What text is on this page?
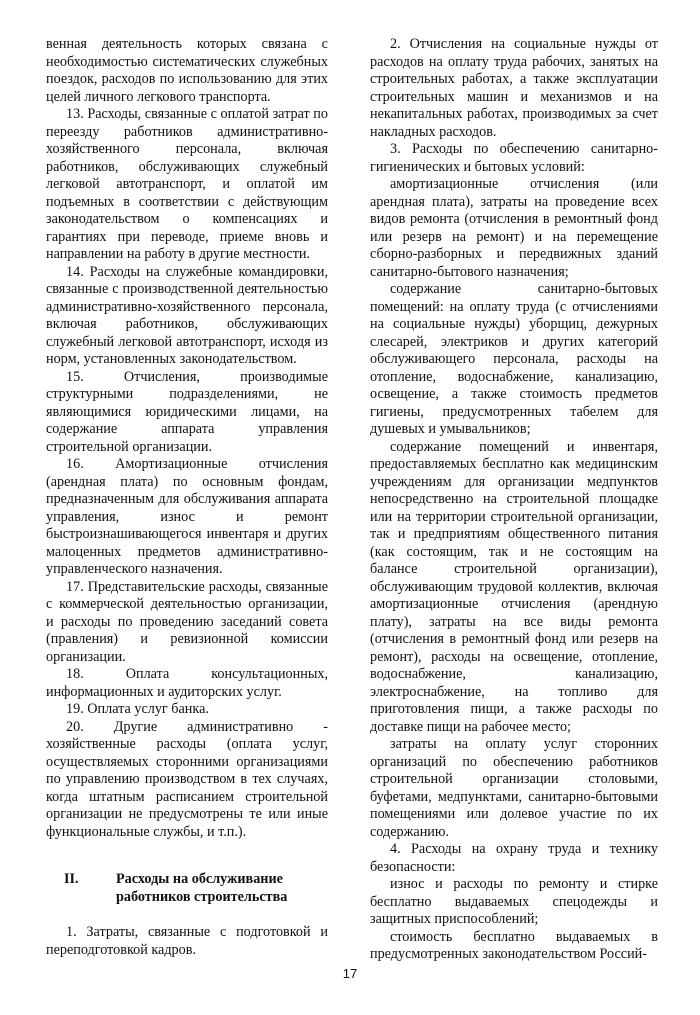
венная деятельность которых связана с необходимостью систематических служебных поездок, расходов по использованию для этих целей личного легкового транспорта.

13. Расходы, связанные с оплатой затрат по переезду работников административно-хозяйственного персонала, включая работников, обслуживающих служебный легковой автотранспорт, и оплатой им подъемных в соответствии с действующим законодательством о компенсациях и гарантиях при переводе, приеме вновь и направлении на работу в другие местности.

14. Расходы на служебные командировки, связанные с производственной деятельностью административно-хозяйственного персонала, включая работников, обслуживающих служебный легковой автотранспорт, исходя из норм, установленных законодательством.

15. Отчисления, производимые структурными подразделениями, не являющимися юридическими лицами, на содержание аппарата управления строительной организации.

16. Амортизационные отчисления (арендная плата) по основным фондам, предназначенным для обслуживания аппарата управления, износ и ремонт быстроизнашивающегося инвентаря и других малоценных предметов административно-управленческого назначения.

17. Представительские расходы, связанные с коммерческой деятельностью организации, и расходы по проведению заседаний совета (правления) и ревизионной комиссии организации.

18. Оплата консультационных, информационных и аудиторских услуг.

19. Оплата услуг банка.

20. Другие административно - хозяйственные расходы (оплата услуг, осуществляемых сторонними организациями по управлению производством в тех случаях, когда штатным расписанием строительной организации не предусмотрены те или иные функциональные службы, и т.п.).

II.	Расходы на обслуживание работников строительства

1. Затраты, связанные с подготовкой и переподготовкой кадров.

2. Отчисления на социальные нужды от расходов на оплату труда рабочих, занятых на строительных работах, а также эксплуатации строительных машин и механизмов и на некапитальных работах, производимых за счет накладных расходов.

3. Расходы по обеспечению санитарно-гигиенических и бытовых условий:

амортизационные отчисления (или арендная плата), затраты на проведение всех видов ремонта (отчисления в ремонтный фонд или резерв на ремонт) и на перемещение сборно-разборных и передвижных зданий санитарно-бытового назначения;

содержание санитарно-бытовых помещений: на оплату труда (с отчислениями на социальные нужды) уборщиц, дежурных слесарей, электриков и других категорий обслуживающего персонала, расходы на отопление, водоснабжение, канализацию, освещение, а также стоимость предметов гигиены, предусмотренных табелем для душевых и умывальников;

содержание помещений и инвентаря, предоставляемых бесплатно как медицинским учреждениям для организации медпунктов непосредственно на строительной площадке или на территории строительной организации, так и предприятиям общественного питания (как состоящим, так и не состоящим на балансе строительной организации), обслуживающим трудовой коллектив, включая амортизационные отчисления (арендную плату), затраты на все виды ремонта (отчисления в ремонтный фонд или резерв на ремонт), расходы на освещение, отопление, водоснабжение, канализацию, электроснабжение, на топливо для приготовления пищи, а также расходы по доставке пищи на рабочее место;

затраты на оплату услуг сторонних организаций по обеспечению работников строительной организации столовыми, буфетами, медпунктами, санитарно-бытовыми помещениями или долевое участие по их содержанию.

4. Расходы на охрану труда и технику безопасности:

износ и расходы по ремонту и стирке бесплатно выдаваемых спецодежды и защитных приспособлений;

стоимость бесплатно выдаваемых в предусмотренных законодательством Россий-

17
